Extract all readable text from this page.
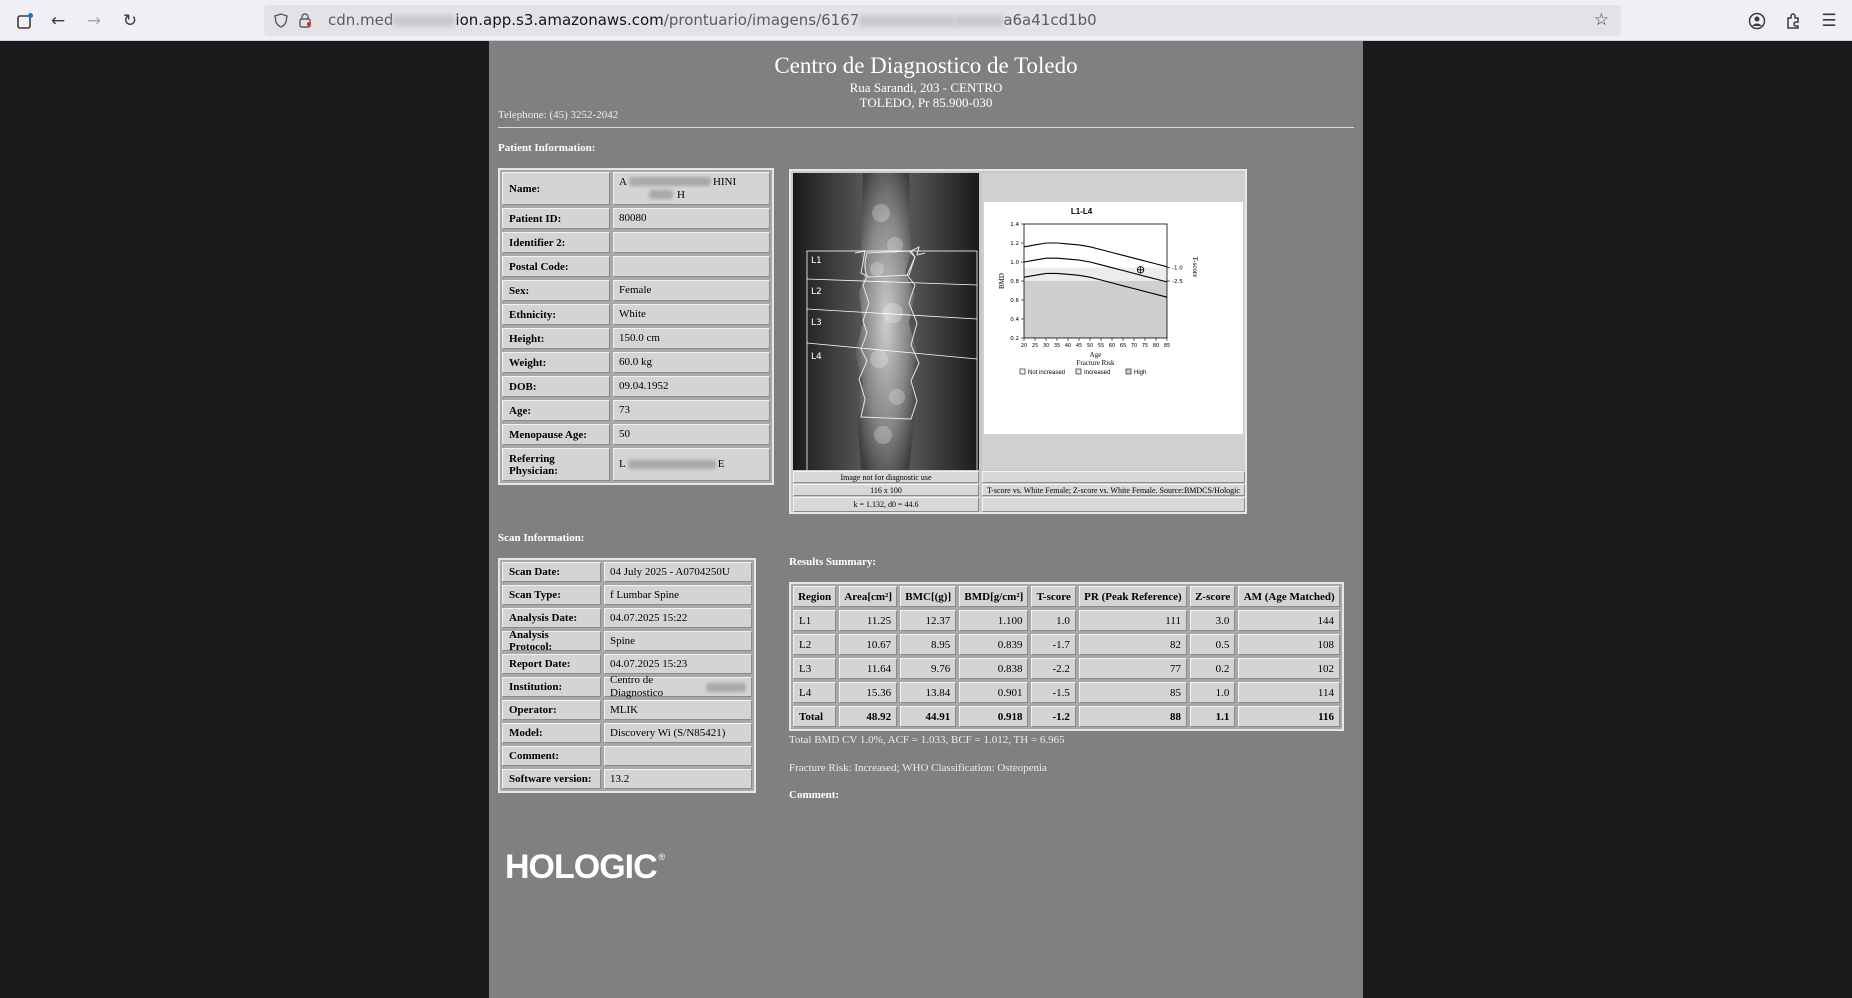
←	→	↻	cdn.med	ion.app.s3.amazonaws.com/prontuario/imagens/6167	a6a41cd1b0	☆	☰
Centro de Diagnostico de Toledo
Rua Sarandi, 203 - CENTRO
TOLEDO, Pr 85.900-030
Telephone: (45) 3252-2042
Patient Information:
Name:
A	HINI
H
Patient ID:	80080
Identifier 2:
Postal Code:
Sex:	Female
Ethnicity:	White
Height:	150.0 cm
Weight:	60.0 kg
DOB:	09.04.1952
Age:	73
Menopause Age:	50
Referring Physician:
L	E
L1
L2
L3
L4
0.2
0.4
0.6
0.8
1.0
1.2
1.4
20 25 30 35 40 45 50 55 60 65 70 75 80 85
-1.0
-2.5
L1-L4
Age
BMD
T-score
Fracture Risk
Not increased	Increased	High
Image not for diagnostic use
116 x 100	T-score vs. White Female; Z-score vs. White Female. Source:BMDCS/Hologic
k = 1.132, d0 = 44.6
Scan Information:
Scan Date:	04 July 2025 - A0704250U
Scan Type:	f Lumbar Spine
Analysis Date:	04.07.2025 15:22
Analysis Protocol:
Spine
Report Date:	04.07.2025 15:23
Institution:
Centro de Diagnostico
Operator:	MLIK
Model:	Discovery Wi (S/N85421)
Comment:
Software version:	13.2
Results Summary:
Region	Area[cm²]	BMC[(g)]	BMD[g/cm²]	T-score	PR (Peak Reference)	Z-score	AM (Age Matched)
L1	11.25	12.37	1.100	1.0	111	3.0	144
L2	10.67	8.95	0.839	-1.7	82	0.5	108
L3	11.64	9.76	0.838	-2.2	77	0.2	102
L4	15.36	13.84	0.901	-1.5	85	1.0	114
Total	48.92	44.91	0.918	-1.2	88	1.1	116
Total BMD CV 1.0%, ACF = 1.033, BCF = 1.012, TH = 6.965
Fracture Risk: Increased; WHO Classification: Osteopenia
Comment:
HOLOGIC ®
